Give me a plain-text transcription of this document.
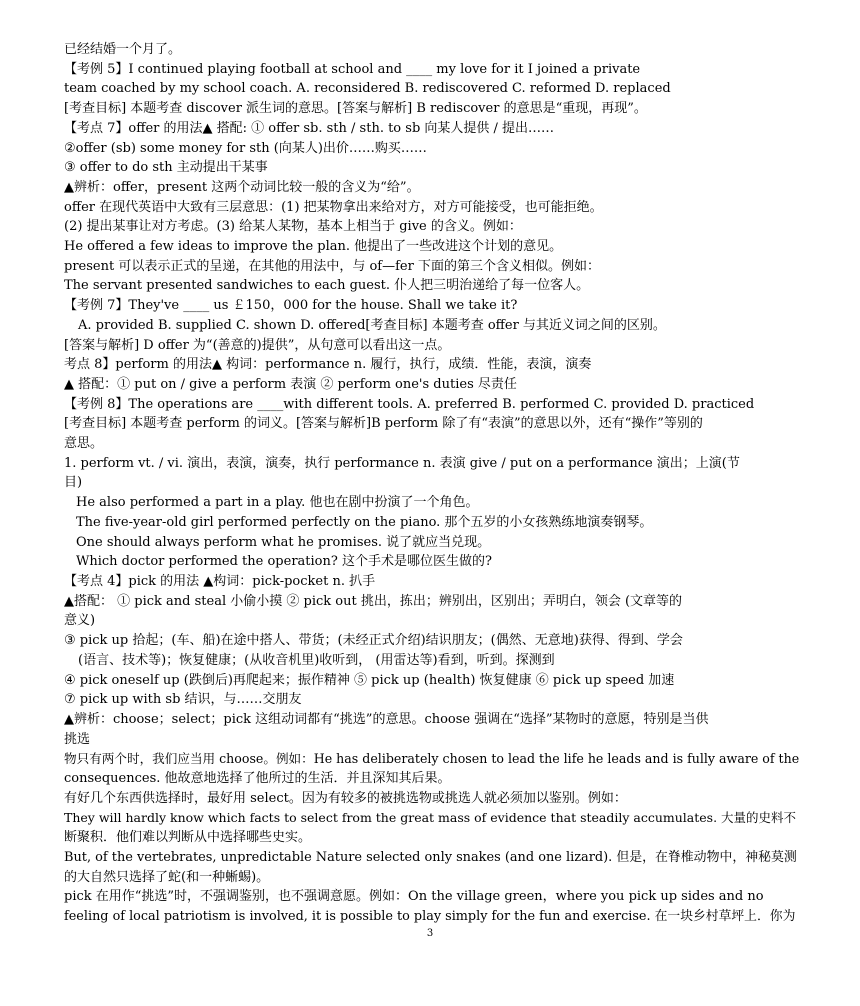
已经结婚一个月了。
【考例 5】I continued playing football at school and ____ my love for it I joined a private
team coached by my school coach. A. reconsidered B. rediscovered C. reformed D. replaced
[考查目标] 本题考查 discover 派生词的意思。[答案与解析] B rediscover 的意思是“重现，再现”。
【考点 7】offer 的用法▲ 搭配: ① offer sb. sth / sth. to sb 向某人提供 / 提出……
②offer (sb) some money for sth (向某人)出价……购买……
③ offer to do sth 主动提出干某事
▲辨析：offer，present 这两个动词比较一般的含义为“给”。
offer 在现代英语中大致有三层意思：(1) 把某物拿出来给对方，对方可能接受，也可能拒绝。
(2) 提出某事让对方考虑。(3) 给某人某物，基本上相当于 give 的含义。例如：
He offered a few ideas to improve the plan. 他提出了一些改进这个计划的意见。
present 可以表示正式的呈递，在其他的用法中，与 of—fer 下面的第三个含义相似。例如：
The servant presented sandwiches to each guest. 仆人把三明治递给了每一位客人。
【考例 7】They've ____ us ￡150，000 for the house. Shall we take it?
A. provided B. supplied C. shown D. offered[考查目标] 本题考查 offer 与其近义词之间的区别。
[答案与解析] D offer 为“(善意的)提供”，从句意可以看出这一点。
考点 8】perform 的用法▲ 构词：performance n. 履行，执行，成绩．性能，表演，演奏
▲ 搭配：① put on / give a perform 表演 ② perform one's duties 尽责任
【考例 8】The operations are ____with different tools. A. preferred B. performed C. provided D. practiced
[考查目标] 本题考查 perform 的词义。[答案与解析]B perform 除了有“表演”的意思以外，还有“操作”等别的
意思。
1. perform vt. / vi. 演出，表演，演奏，执行 performance n. 表演 give / put on a performance 演出；上演(节
目)
He also performed a part in a play. 他也在剧中扮演了一个角色。
The five-year-old girl performed perfectly on the piano. 那个五岁的小女孩熟练地演奏钢琴。
One should always perform what he promises. 说了就应当兑现。
Which doctor performed the operation? 这个手术是哪位医生做的?
【考点 4】pick 的用法 ▲构词：pick-pocket n. 扒手
▲搭配： ① pick and steal 小偷小摸 ② pick out 挑出，拣出；辨别出，区别出；弄明白，领会 (文章等的
意义)
③ pick up 拾起；(车、船)在途中搭人、带货；(未经正式介绍)结识朋友；(偶然、无意地)获得、得到、学会
(语言、技术等)；恢复健康；(从收音机里)收听到， (用雷达等)看到，听到。探测到
④ pick oneself up (跌倒后)再爬起来；振作精神 ⑤ pick up (health) 恢复健康 ⑥ pick up speed 加速
⑦ pick up with sb 结识，与……交朋友
▲辨析：choose；select；pick 这组动词都有“挑选”的意思。choose 强调在“选择”某物时的意愿，特别是当供
挑选
物只有两个时，我们应当用 choose。例如：He has deliberately chosen to lead the life he leads and is fully aware of the
consequences. 他故意地选择了他所过的生活．并且深知其后果。
有好几个东西供选择时，最好用 select。因为有较多的被挑选物或挑选人就必须加以鉴别。例如：
They will hardly know which facts to select from the great mass of evidence that steadily accumulates. 大量的史料不
断聚积．他们难以判断从中选择哪些史实。
But, of the vertebrates, unpredictable Nature selected only snakes (and one lizard). 但是，在脊椎动物中，神秘莫测
的大自然只选择了蛇(和一种蜥蜴)。
pick 在用作“挑选”时，不强调鉴别，也不强调意愿。例如：On the village green，where you pick up sides and no
feeling of local patriotism is involved, it is possible to play simply for the fun and exercise. 在一块乡村草坪上．你为
3
